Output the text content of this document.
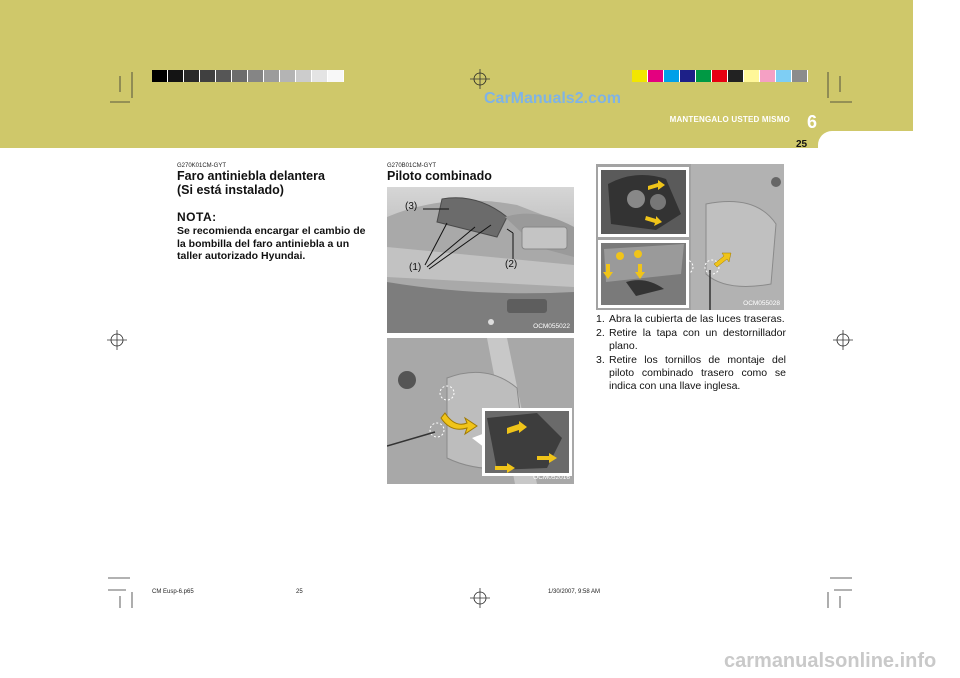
CarManuals2.com
MANTENGALO USTED MISMO 6
25
G270K01CM-GYT
Faro antiniebla delantera
(Si está instalado)
NOTA:
Se recomienda encargar el cambio de la bombilla del faro antiniebla a un taller autorizado Hyundai.
G270B01CM-GYT
Piloto combinado
(3)
(1)	(2)
OCM055022
OCM052016
OCM055028
1. Abra la cubierta de las luces traseras.
2. Retire la tapa con un destornillador plano.
3. Retire los tornillos de montaje del piloto combinado trasero como se indica con una llave inglesa.
CM Eusp-6.p65	25	1/30/2007, 9:58 AM
carmanualsonline.info
